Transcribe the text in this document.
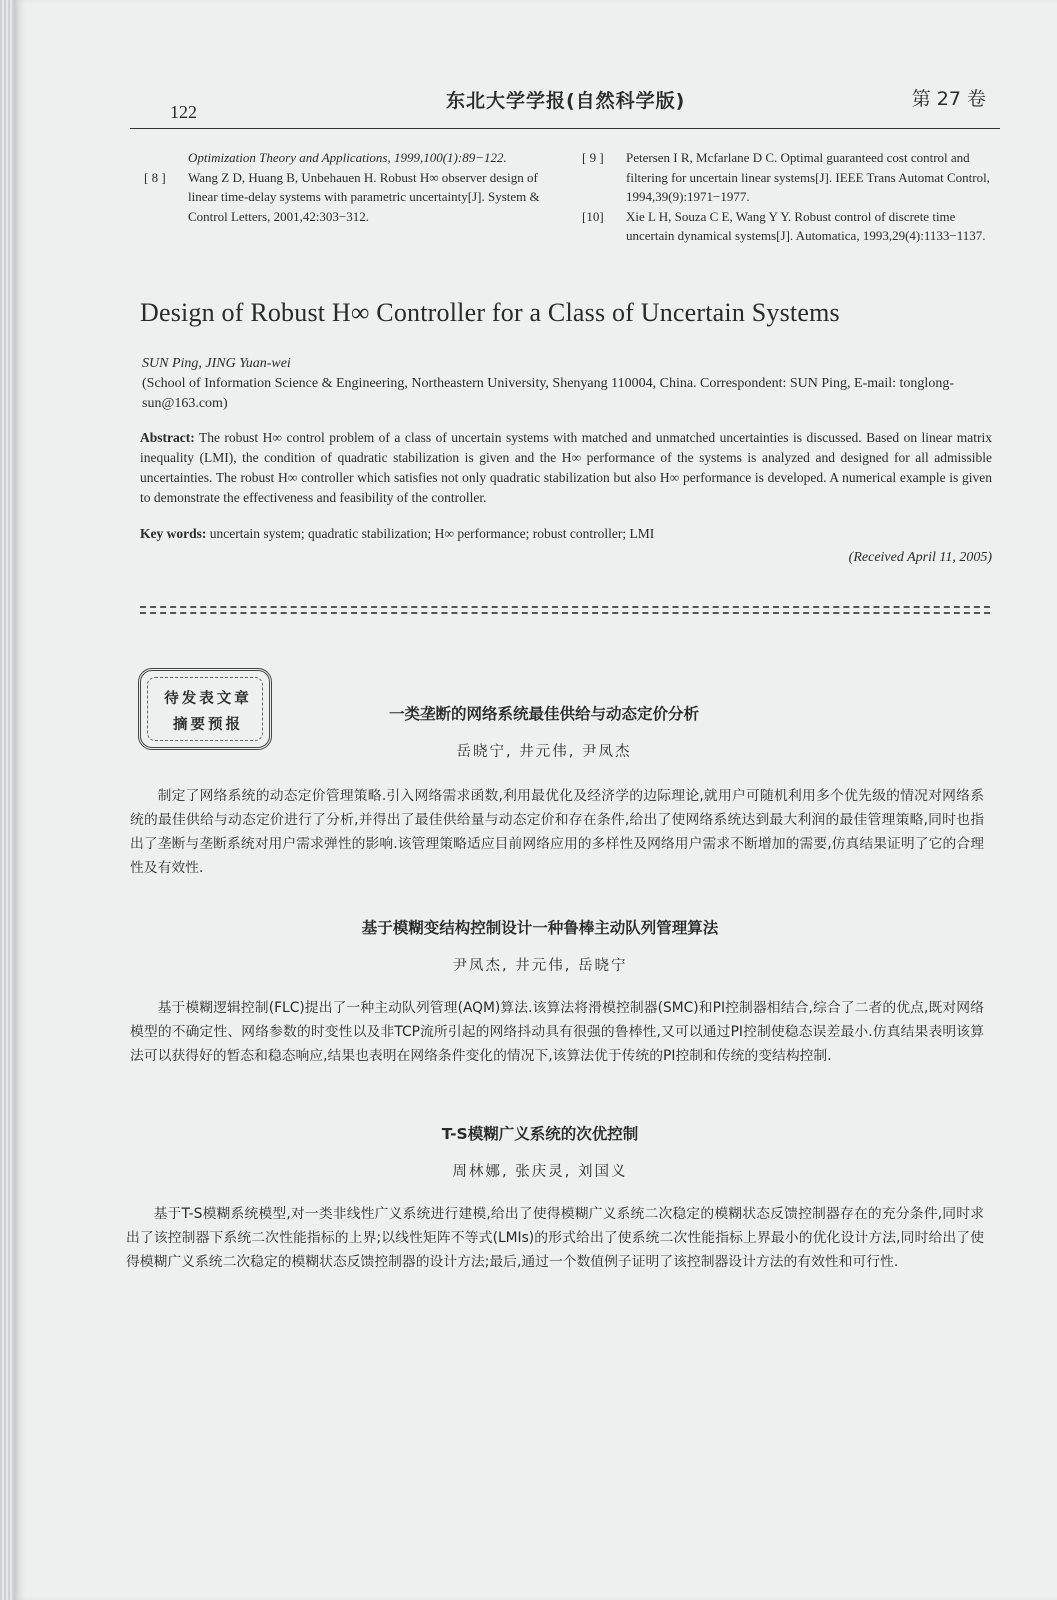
122	东北大学学报(自然科学版)	第 27 卷
Optimization Theory and Applications, 1999,100(1):89−122.
[ 8 ] Wang Z D, Huang B, Unbehauen H. Robust H∞ observer design of linear time-delay systems with parametric uncertainty[J]. System & Control Letters, 2001,42:303−312.
[ 9 ] Petersen I R, Mcfarlane D C. Optimal guaranteed cost control and filtering for uncertain linear systems[J]. IEEE Trans Automat Control, 1994,39(9):1971−1977.
[10] Xie L H, Souza C E, Wang Y Y. Robust control of discrete time uncertain dynamical systems[J]. Automatica, 1993,29(4):1133−1137.
Design of Robust H∞ Controller for a Class of Uncertain Systems
SUN Ping, JING Yuan-wei
(School of Information Science & Engineering, Northeastern University, Shenyang 110004, China. Correspondent: SUN Ping, E-mail: tonglong-sun@163.com)
Abstract: The robust H∞ control problem of a class of uncertain systems with matched and unmatched uncertainties is discussed. Based on linear matrix inequality (LMI), the condition of quadratic stabilization is given and the H∞ performance of the systems is analyzed and designed for all admissible uncertainties. The robust H∞ controller which satisfies not only quadratic stabilization but also H∞ performance is developed. A numerical example is given to demonstrate the effectiveness and feasibility of the controller.
Key words: uncertain system; quadratic stabilization; H∞ performance; robust controller; LMI
(Received April 11, 2005)
待发表文章
摘要预报
一类垄断的网络系统最佳供给与动态定价分析
岳晓宁, 井元伟, 尹凤杰
制定了网络系统的动态定价管理策略.引入网络需求函数,利用最优化及经济学的边际理论,就用户可随机利用多个优先级的情况对网络系统的最佳供给与动态定价进行了分析,并得出了最佳供给量与动态定价和存在条件,给出了使网络系统达到最大利润的最佳管理策略,同时也指出了垄断与垄断系统对用户需求弹性的影响.该管理策略适应目前网络应用的多样性及网络用户需求不断增加的需要,仿真结果证明了它的合理性及有效性.
基于模糊变结构控制设计一种鲁棒主动队列管理算法
尹凤杰, 井元伟, 岳晓宁
基于模糊逻辑控制(FLC)提出了一种主动队列管理(AQM)算法.该算法将滑模控制器(SMC)和PI控制器相结合,综合了二者的优点,既对网络模型的不确定性、网络参数的时变性以及非TCP流所引起的网络抖动具有很强的鲁棒性,又可以通过PI控制使稳态误差最小.仿真结果表明该算法可以获得好的暂态和稳态响应,结果也表明在网络条件变化的情况下,该算法优于传统的PI控制和传统的变结构控制.
T-S模糊广义系统的次优控制
周林娜, 张庆灵, 刘国义
基于T-S模糊系统模型,对一类非线性广义系统进行建模,给出了使得模糊广义系统二次稳定的模糊状态反馈控制器存在的充分条件,同时求出了该控制器下系统二次性能指标的上界;以线性矩阵不等式(LMIs)的形式给出了使系统二次性能指标上界最小的优化设计方法,同时给出了使得模糊广义系统二次稳定的模糊状态反馈控制器的设计方法;最后,通过一个数值例子证明了该控制器设计方法的有效性和可行性.
